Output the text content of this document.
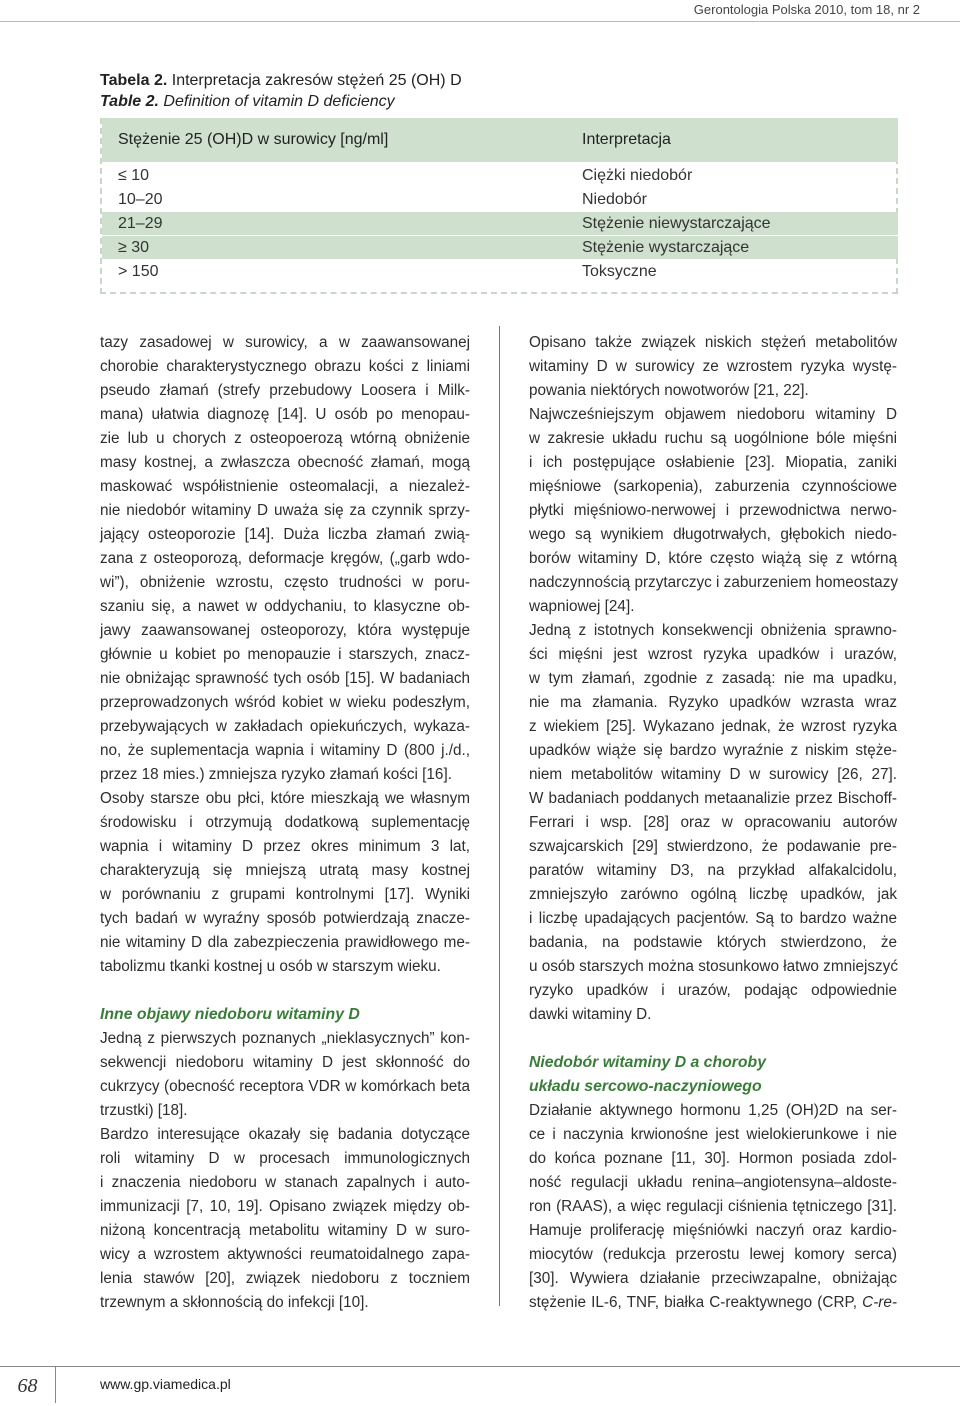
Gerontologia Polska 2010, tom 18, nr 2
Tabela 2. Interpretacja zakresów stężeń 25 (OH) D
Table 2. Definition of vitamin D deficiency
Stężenie 25 (OH)D w surowicy [ng/ml]	Interpretacja
≤ 10	Ciężki niedobór
10–20	Niedobór
21–29	Stężenie niewystarczające
≥ 30	Stężenie wystarczające
> 150	Toksyczne
tazy zasadowej w surowicy, a w zaawansowanej
chorobie charakterystycznego obrazu kości z liniami
pseudo złamań (strefy przebudowy Loosera i Milk-
mana) ułatwia diagnozę [14]. U osób po menopau-
zie lub u chorych z osteopoerozą wtórną obniżenie
masy kostnej, a zwłaszcza obecność złamań, mogą
maskować współistnienie osteomalacji, a niezależ-
nie niedobór witaminy D uważa się za czynnik sprzy-
jający osteoporozie [14]. Duża liczba złamań zwią-
zana z osteoporozą, deformacje kręgów, („garb wdo-
wi”), obniżenie wzrostu, często trudności w poru-
szaniu się, a nawet w oddychaniu, to klasyczne ob-
jawy zaawansowanej osteoporozy, która występuje
głównie u kobiet po menopauzie i starszych, znacz-
nie obniżając sprawność tych osób [15]. W badaniach
przeprowadzonych wśród kobiet w wieku podeszłym,
przebywających w zakładach opiekuńczych, wykaza-
no, że suplementacja wapnia i witaminy D (800 j./d.,
przez 18 mies.) zmniejsza ryzyko złamań kości [16].
Osoby starsze obu płci, które mieszkają we własnym
środowisku i otrzymują dodatkową suplementację
wapnia i witaminy D przez okres minimum 3 lat,
charakteryzują się mniejszą utratą masy kostnej
w porównaniu z grupami kontrolnymi [17]. Wyniki
tych badań w wyraźny sposób potwierdzają znacze-
nie witaminy D dla zabezpieczenia prawidłowego me-
tabolizmu tkanki kostnej u osób w starszym wieku.
Inne objawy niedoboru witaminy D
Jedną z pierwszych poznanych „nieklasycznych” kon-
sekwencji niedoboru witaminy D jest skłonność do
cukrzycy (obecność receptora VDR w komórkach beta
trzustki) [18].
Bardzo interesujące okazały się badania dotyczące
roli witaminy D w procesach immunologicznych
i znaczenia niedoboru w stanach zapalnych i auto-
immunizacji [7, 10, 19]. Opisano związek między ob-
niżoną koncentracją metabolitu witaminy D w suro-
wicy a wzrostem aktywności reumatoidalnego zapa-
lenia stawów [20], związek niedoboru z toczniem
trzewnym a skłonnością do infekcji [10].
Opisano także związek niskich stężeń metabolitów
witaminy D w surowicy ze wzrostem ryzyka wystę-
powania niektórych nowotworów [21, 22].
Najwcześniejszym objawem niedoboru witaminy D
w zakresie układu ruchu są uogólnione bóle mięśni
i ich postępujące osłabienie [23]. Miopatia, zaniki
mięśniowe (sarkopenia), zaburzenia czynnościowe
płytki mięśniowo-nerwowej i przewodnictwa nerwo-
wego są wynikiem długotrwałych, głębokich niedo-
borów witaminy D, które często wiążą się z wtórną
nadczynnością przytarczyc i zaburzeniem homeostazy
wapniowej [24].
Jedną z istotnych konsekwencji obniżenia sprawno-
ści mięśni jest wzrost ryzyka upadków i urazów,
w tym złamań, zgodnie z zasadą: nie ma upadku,
nie ma złamania. Ryzyko upadków wzrasta wraz
z wiekiem [25]. Wykazano jednak, że wzrost ryzyka
upadków wiąże się bardzo wyraźnie z niskim stęże-
niem metabolitów witaminy D w surowicy [26, 27].
W badaniach poddanych metaanalizie przez Bischoff-
Ferrari i wsp. [28] oraz w opracowaniu autorów
szwajcarskich [29] stwierdzono, że podawanie pre-
paratów witaminy D3, na przykład alfakalcidolu,
zmniejszyło zarówno ogólną liczbę upadków, jak
i liczbę upadających pacjentów. Są to bardzo ważne
badania, na podstawie których stwierdzono, że
u osób starszych można stosunkowo łatwo zmniejszyć
ryzyko upadków i urazów, podając odpowiednie
dawki witaminy D.
Niedobór witaminy D a choroby
układu sercowo-naczyniowego
Działanie aktywnego hormonu 1,25 (OH)2D na ser-
ce i naczynia krwionośne jest wielokierunkowe i nie
do końca poznane [11, 30]. Hormon posiada zdol-
ność regulacji układu renina–angiotensyna–aldoste-
ron (RAAS), a więc regulacji ciśnienia tętniczego [31].
Hamuje proliferację mięśniówki naczyń oraz kardio-
miocytów (redukcja przerostu lewej komory serca)
[30]. Wywiera działanie przeciwzapalne, obniżając
stężenie IL-6, TNF, białka C-reaktywnego (CRP, C-re-
68	www.gp.viamedica.pl
